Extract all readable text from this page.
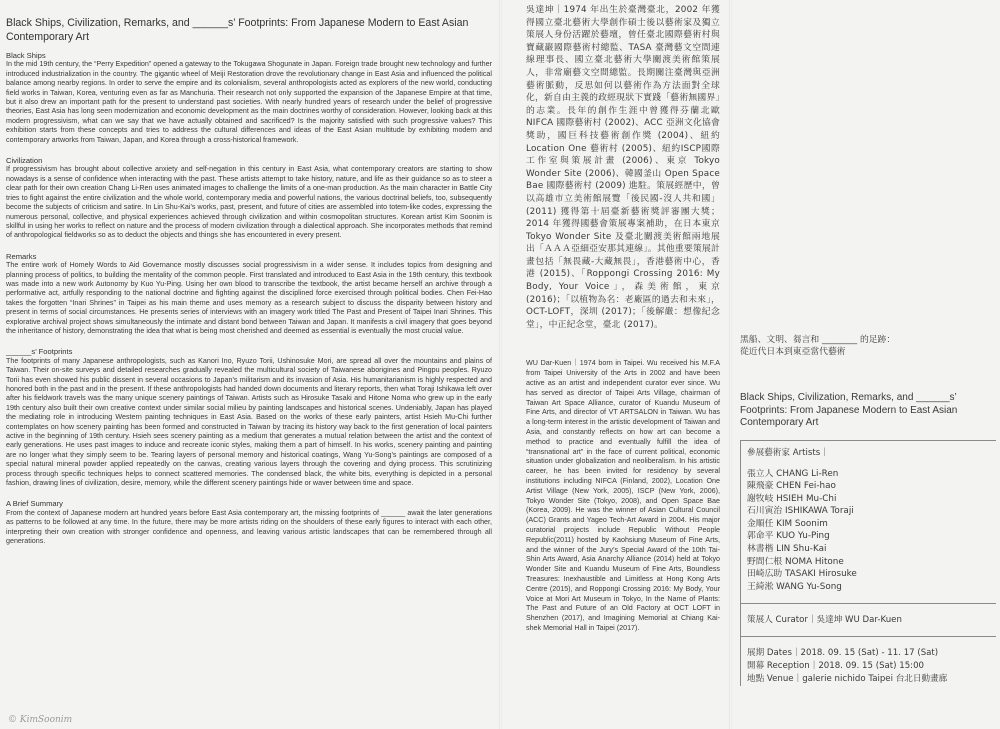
Black Ships, Civilization, Remarks, and ______s’ Footprints: From Japanese Modern to East Asian Contemporary Art
Black Ships

In the mid 19th century, the “Perry Expedition” opened a gateway to the Tokugawa Shogunate in Japan. Foreign trade brought new technology and further introduced industrialization in the country. The gigantic wheel of Meiji Restoration drove the revolutionary change in East Asia and influenced the political balance among nearby regions. In order to serve the empire and its colonialism, several anthropologists acted as explorers of the new world, conducting field works in Taiwan, Korea, venturing even as far as Manchuria. Their research not only supported the expansion of the Japanese Empire at that time, but it also drew an important path for the present to understand past societies. With nearly hundred years of research under the belief of progressive theories, East Asia has long seen modernization and economic development as the main doctrines worthy of consideration. However, looking back at this modern progressivism, what can we say that we have actually obtained and sacrificed? Is the majority satisfied with such progressive values? This exhibition starts from these concepts and tries to address the cultural differences and ideas of the East Asian multitude by exhibiting modern and contemporary artworks from Taiwan, Japan, and Korea through a cross-historical framework.

Civilization

If progressivism has brought about collective anxiety and self-negation in this century in East Asia, what contemporary creators are starting to show nowadays is a sense of confidence when interacting with the past. These artists attempt to take history, nature, and life as their guidance so as to steer a clear path for their own creation Chang Li-Ren uses animated images to challenge the limits of a one-man production. As the main character in Battle City tries to fight against the entire civilization and the whole world, contemporary media and powerful nations, the various doctrinal beliefs, too, subsequently become the subjects of criticism and satire. In Lin Shu-Kai’s works, past, present, and future of cities are assembled into totem-like codes, expressing the numerous personal, collective, and physical experiences achieved through civilization and within cosmopolitan structures. Korean artist Kim Soonim is skillful in using her works to reflect on nature and the process of modern civilization through a dialectical approach. She incorporates methods that remind of anthropological fieldworks so as to deduct the objects and things she has encountered in every present.

Remarks

The entire work of Homely Words to Aid Governance mostly discusses social progressivism in a wider sense. It includes topics from designing and planning process of politics, to building the mentality of the common people. First translated and introduced to East Asia in the 19th century, this textbook was made into a new work Autonomy by Kuo Yu-Ping. Using her own blood to transcribe the textbook, the artist became herself an archive through a performative act, artfully responding to the national doctrine and fighting against the disciplined force exercised through political bodies. Chen Fei-Hao takes the forgotten “Inari Shrines” in Taipei as his main theme and uses memory as a research subject to discuss the disparity between history and present in terms of social circumstances. He presents series of interviews with an imagery work titled The Past and Present of Taipei Inari Shrines. This explorative archival project shows simultaneously the intimate and distant bond between Taiwan and Japan. It manifests a civil imagery that goes beyond the inheritance of history, demonstrating the idea that what is being most cherished and deemed as essential is eventually the most crucial value.

______s’ Footprints

The footprints of many Japanese anthropologists, such as Kanori Ino, Ryuzo Torii, Ushinosuke Mori, are spread all over the mountains and plains of Taiwan. Their on-site surveys and detailed researches gradually revealed the multicultural society of Taiwanese aborigines and Pingpu peoples. Ryuzo Torii has even showed his public dissent in several occasions to Japan’s militarism and its invasion of Asia. His humanitarianism is highly respected and honored both in the past and in the present. If these anthropologists had handed down documents and literary reports, then what Toraji Ishikawa left over after his fieldwork travels was the many unique scenery paintings of Taiwan. Artists such as Hirosuke Tasaki and Hitone Noma who grew up in the early 19th century also built their own creative context under similar social milieu by painting landscapes and historical scenes. Undeniably, Japan has played the mediating role in introducing Western painting techniques in East Asia. Based on the works of these early painters, artist Hsieh Mu-Chi further contemplates on how scenery painting has been formed and constructed in Taiwan by tracing its history way back to the first generation of local painters active in the beginning of 19th century. Hsieh sees scenery painting as a medium that generates a mutual relation between the artist and the context of early generations. He uses past images to induce and recreate iconic styles, making them a part of himself. In his works, scenery painting and painting are no longer what they simply seem to be. Tearing layers of personal memory and historical coatings, Wang Yu-Song’s paintings are composed of a special natural mineral powder applied repeatedly on the canvas, creating various layers through the covering and dying process. This scrutinizing process through specific techniques helps to connect scattered memories. The condensed black, the white bits, everything is depicted in a personal fashion, drawing lines of civilization, desire, memory, while the different scenery paintings hide or waver between time and space.

A Brief Summary

From the context of Japanese modern art hundred years before East Asia contemporary art, the missing footprints of ______ await the later generations as patterns to be followed at any time. In the future, there may be more artists riding on the shoulders of these early figures to interact with each other, interpreting their own creation with stronger confidence and openness, and leaving various artistic landscapes that can be remembered through all generations.

吳達坤｜1974 年出生於臺灣臺北，2002 年獲得國立臺北藝術大學創作碩士後以藝術家及獨立策展人身份活躍於藝壇，曾任臺北國際藝術村與寶藏巖國際藝術村總監、TASA 臺灣藝文空間連線理事長、國立臺北藝術大學關渡美術館策展人，非常廟藝文空間總監。長期關注臺灣與亞洲藝術脈動，反思如何以藝術作為方法面對全球化，新自由主義的政經現狀下實踐「藝術無國界」的志業。長年的創作生涯中曾獲得芬蘭北歐 NIFCA 國際藝術村 (2002)、ACC 亞洲文化協會獎助，國巨科技藝術創作獎 (2004)、紐約 Location One 藝術村 (2005)、紐約ISCP國際工作室與策展計畫 (2006)、東京 Tokyo Wonder Site (2006)、韓國釜山 Open Space Bae 國際藝術村 (2009) 進駐。策展經歷中，曾以高雄市立美術館展覽「後民國-沒人共和國」(2011) 獲得第十屆臺新藝術獎評審團大獎；2014 年獲得國藝會策展專案補助，在日本東京 Tokyo Wonder Site 及臺北關渡美術館兩地展出「ＡＡＡ亞細亞安那其連線」。其他重要策展計畫包括「無畏藏-大藏無畏」，香港藝術中心，香港 (2015)、「Roppongi Crossing 2016: My Body, Your Voice」，森美術館，東京 (2016)；「以植物為名：老廠區的過去和未來」，OCT-LOFT，深圳 (2017)；「後解嚴：想像紀念堂」，中正紀念堂，臺北 (2017)。

WU Dar-Kuen｜1974 born in Taipei. Wu received his M.F.A from Taipei University of the Arts in 2002 and have been active as an artist and independent curator ever since. Wu has served as director of Taipei Arts Village, chairman of Taiwan Art Space Alliance, curator of Kuandu Museum of Fine Arts, and director of VT ARTSALON in Taiwan. Wu has a long-term interest in the artistic development of Taiwan and Asia, and constantly reflects on how art can become a method to practice and eventually fulfill the idea of “transnational art” in the face of current political, economic situation under globalization and neoliberalism. In his artistic career, he has been invited for residency by several institutions including NIFCA (Finland, 2002), Location One Artist Village (New York, 2005), ISCP (New York, 2006), Tokyo Wonder Site (Tokyo, 2008), and Open Space Bae (Korea, 2009). He was the winner of Asian Cultural Council (ACC) Grants and Yageo Tech-Art Award in 2004. His major curatorial projects include Republic Without People Republic(2011) hosted by Kaohsiung Museum of Fine Arts, and the winner of the Jury’s Special Award of the 10th Tai-Shin Arts Award, Asia Anarchy Alliance (2014) held at Tokyo Wonder Site and Kuandu Museum of Fine Arts, Boundless Treasures: Inexhaustible and Limitless at Hong Kong Arts Centre (2015), and Roppongi Crossing 2016: My Body, Your Voice at Mori Art Museum in Tokyo, In the Name of Plants: The Past and Future of an Old Factory at OCT LOFT in Shenzhen (2017), and Imagining Memorial at Chiang Kai-shek Memorial Hall in Taipei (2017).

黑船、文明、芻言和 ________ 的足跡：
從近代日本到東亞當代藝術
Black Ships, Civilization, Remarks, and ______s’ Footprints: From Japanese Modern to East Asian Contemporary Art
參展藝術家 Artists｜
張立人 CHANG Li-Ren
陳飛豪 CHEN Fei-hao
謝牧岐 HSIEH Mu-Chi
石川寅治 ISHIKAWA Toraji
金順任 KIM Soonim
郭命平 KUO Yu-Ping
林書楷 LIN Shu-Kai
野間仁根 NOMA Hitone
田崎広助 TASAKI Hirosuke
王綺淞 WANG Yu-Song
策展人 Curator｜吳達坤 WU Dar-Kuen
展期 Dates｜2018. 09. 15 (Sat) - 11. 17 (Sat)
開幕 Reception｜2018. 09. 15 (Sat) 15:00
地點 Venue｜galerie nichido Taipei 台北日動畫廊
© KimSoonim
